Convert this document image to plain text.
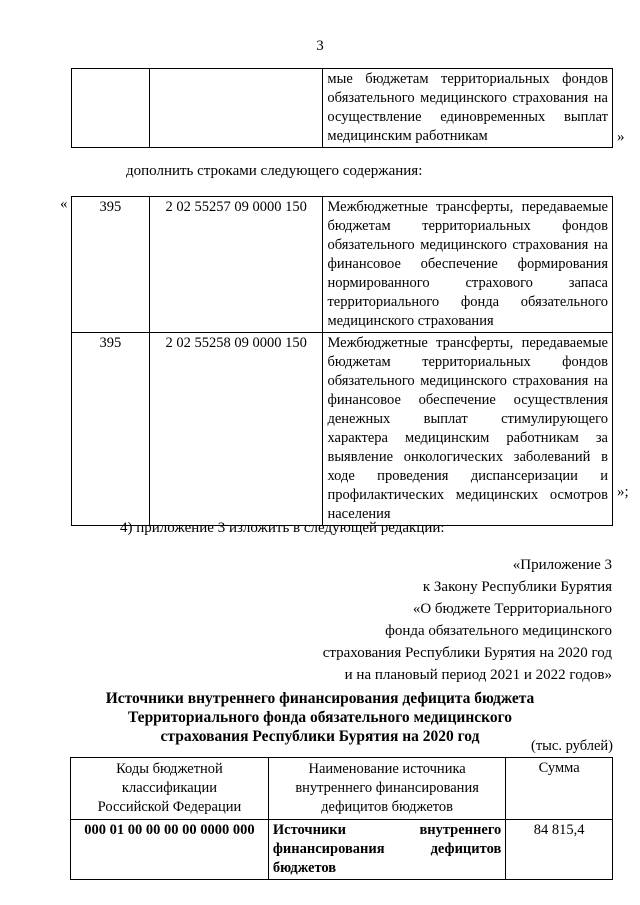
3
		мые бюджетам территориальных фондов обязательного медицинского страхования на осуществление единовременных выплат медицинским работникам	»
дополнить строками следующего содержания:
« 395	2 02 55257 09 0000 150	Межбюджетные трансферты, передаваемые бюджетам территориальных фондов обязательного медицинского страхования на финансовое обеспечение формирования нормированного страхового запаса территориального фонда обязательного медицинского страхования
395	2 02 55258 09 0000 150	Межбюджетные трансферты, передаваемые бюджетам территориальных фондов обязательного медицинского страхования на финансовое обеспечение осуществления денежных выплат стимулирующего характера медицинским работникам за выявление онкологических заболеваний в ходе проведения диспансеризации и профилактических медицинских осмотров населения
»;
4) приложение 3 изложить в следующей редакции:
«Приложение 3
к Закону Республики Бурятия
«О бюджете Территориального
фонда обязательного медицинского
страхования Республики Бурятия на 2020 год
и на плановый период 2021 и 2022 годов»
Источники внутреннего финансирования дефицита бюджета
Территориального фонда обязательного медицинского
страхования Республики Бурятия на 2020 год
(тыс. рублей)
Коды бюджетной классификации Российской Федерации	Наименование источника внутреннего финансирования дефицитов бюджетов	Сумма
000 01 00 00 00 00 0000 000	Источники внутреннего финансирования дефицитов бюджетов	84 815,4
